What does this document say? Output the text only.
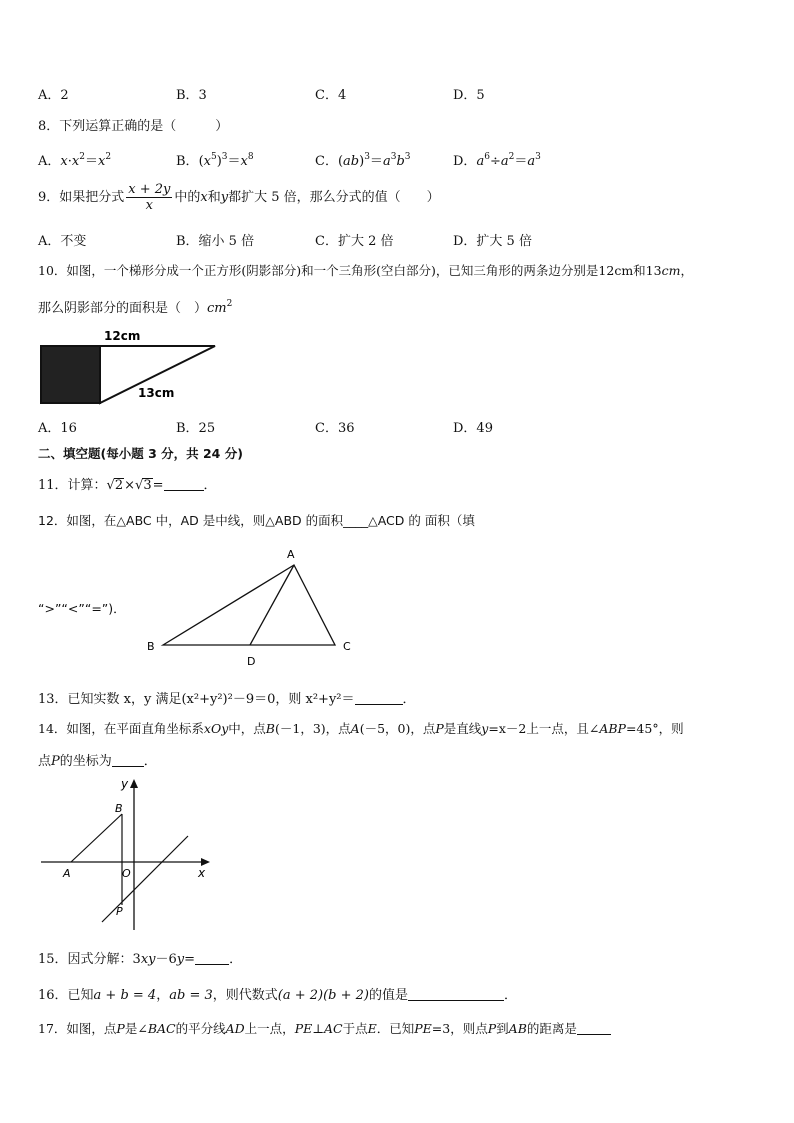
A．2	B．3	C．4	D．5
8．下列运算正确的是（　　　）
A．$x\cdot x^2=x^2$	B．$(x^5)^3=x^8$	C．$(ab)^3=a^3b^3$	D．$a^6\div a^2=a^3$
9．如果把分式 $\frac{x + 2y}{x}$ 中的x和y都扩大 5 倍，那么分式的值（　　）
A．不变	B．缩小 5 倍	C．扩大 2 倍	D．扩大 5 倍
10．如图，一个梯形分成一个正方形(阴影部分)和一个三角形(空白部分)，已知三角形的两条边分别是12cm和13cm，
那么阴影部分的面积是（　）$cm^2$
12cm
13cm
A．16	B．25	C．36	D．49
二、填空题(每小题 3 分，共 24 分)
11．计算：√2×√3=	．
12．如图，在△ABC 中，AD 是中线，则△ABD 的面积____△ACD 的 面积（填
“>”“<”“=”)．
A
B	C
D
13．已知实数 x，y 满足(x²+y²)²－9＝0，则 x²+y²＝	．
14．如图，在平面直角坐标系xOy中，点B(－1，3)，点A(－5，0)，点P是直线y=x－2上一点，且∠ABP=45°，则
点P的坐标为 ．
y
x
B
A	O
P
15．因式分解：3xy－6y=	．
16．已知a + b = 4，ab = 3，则代数式(a + 2)(b + 2)的值是	．
17．如图，点P是∠BAC的平分线AD上一点，PE⊥AC于点E．已知PE=3，则点P到AB的距离是
